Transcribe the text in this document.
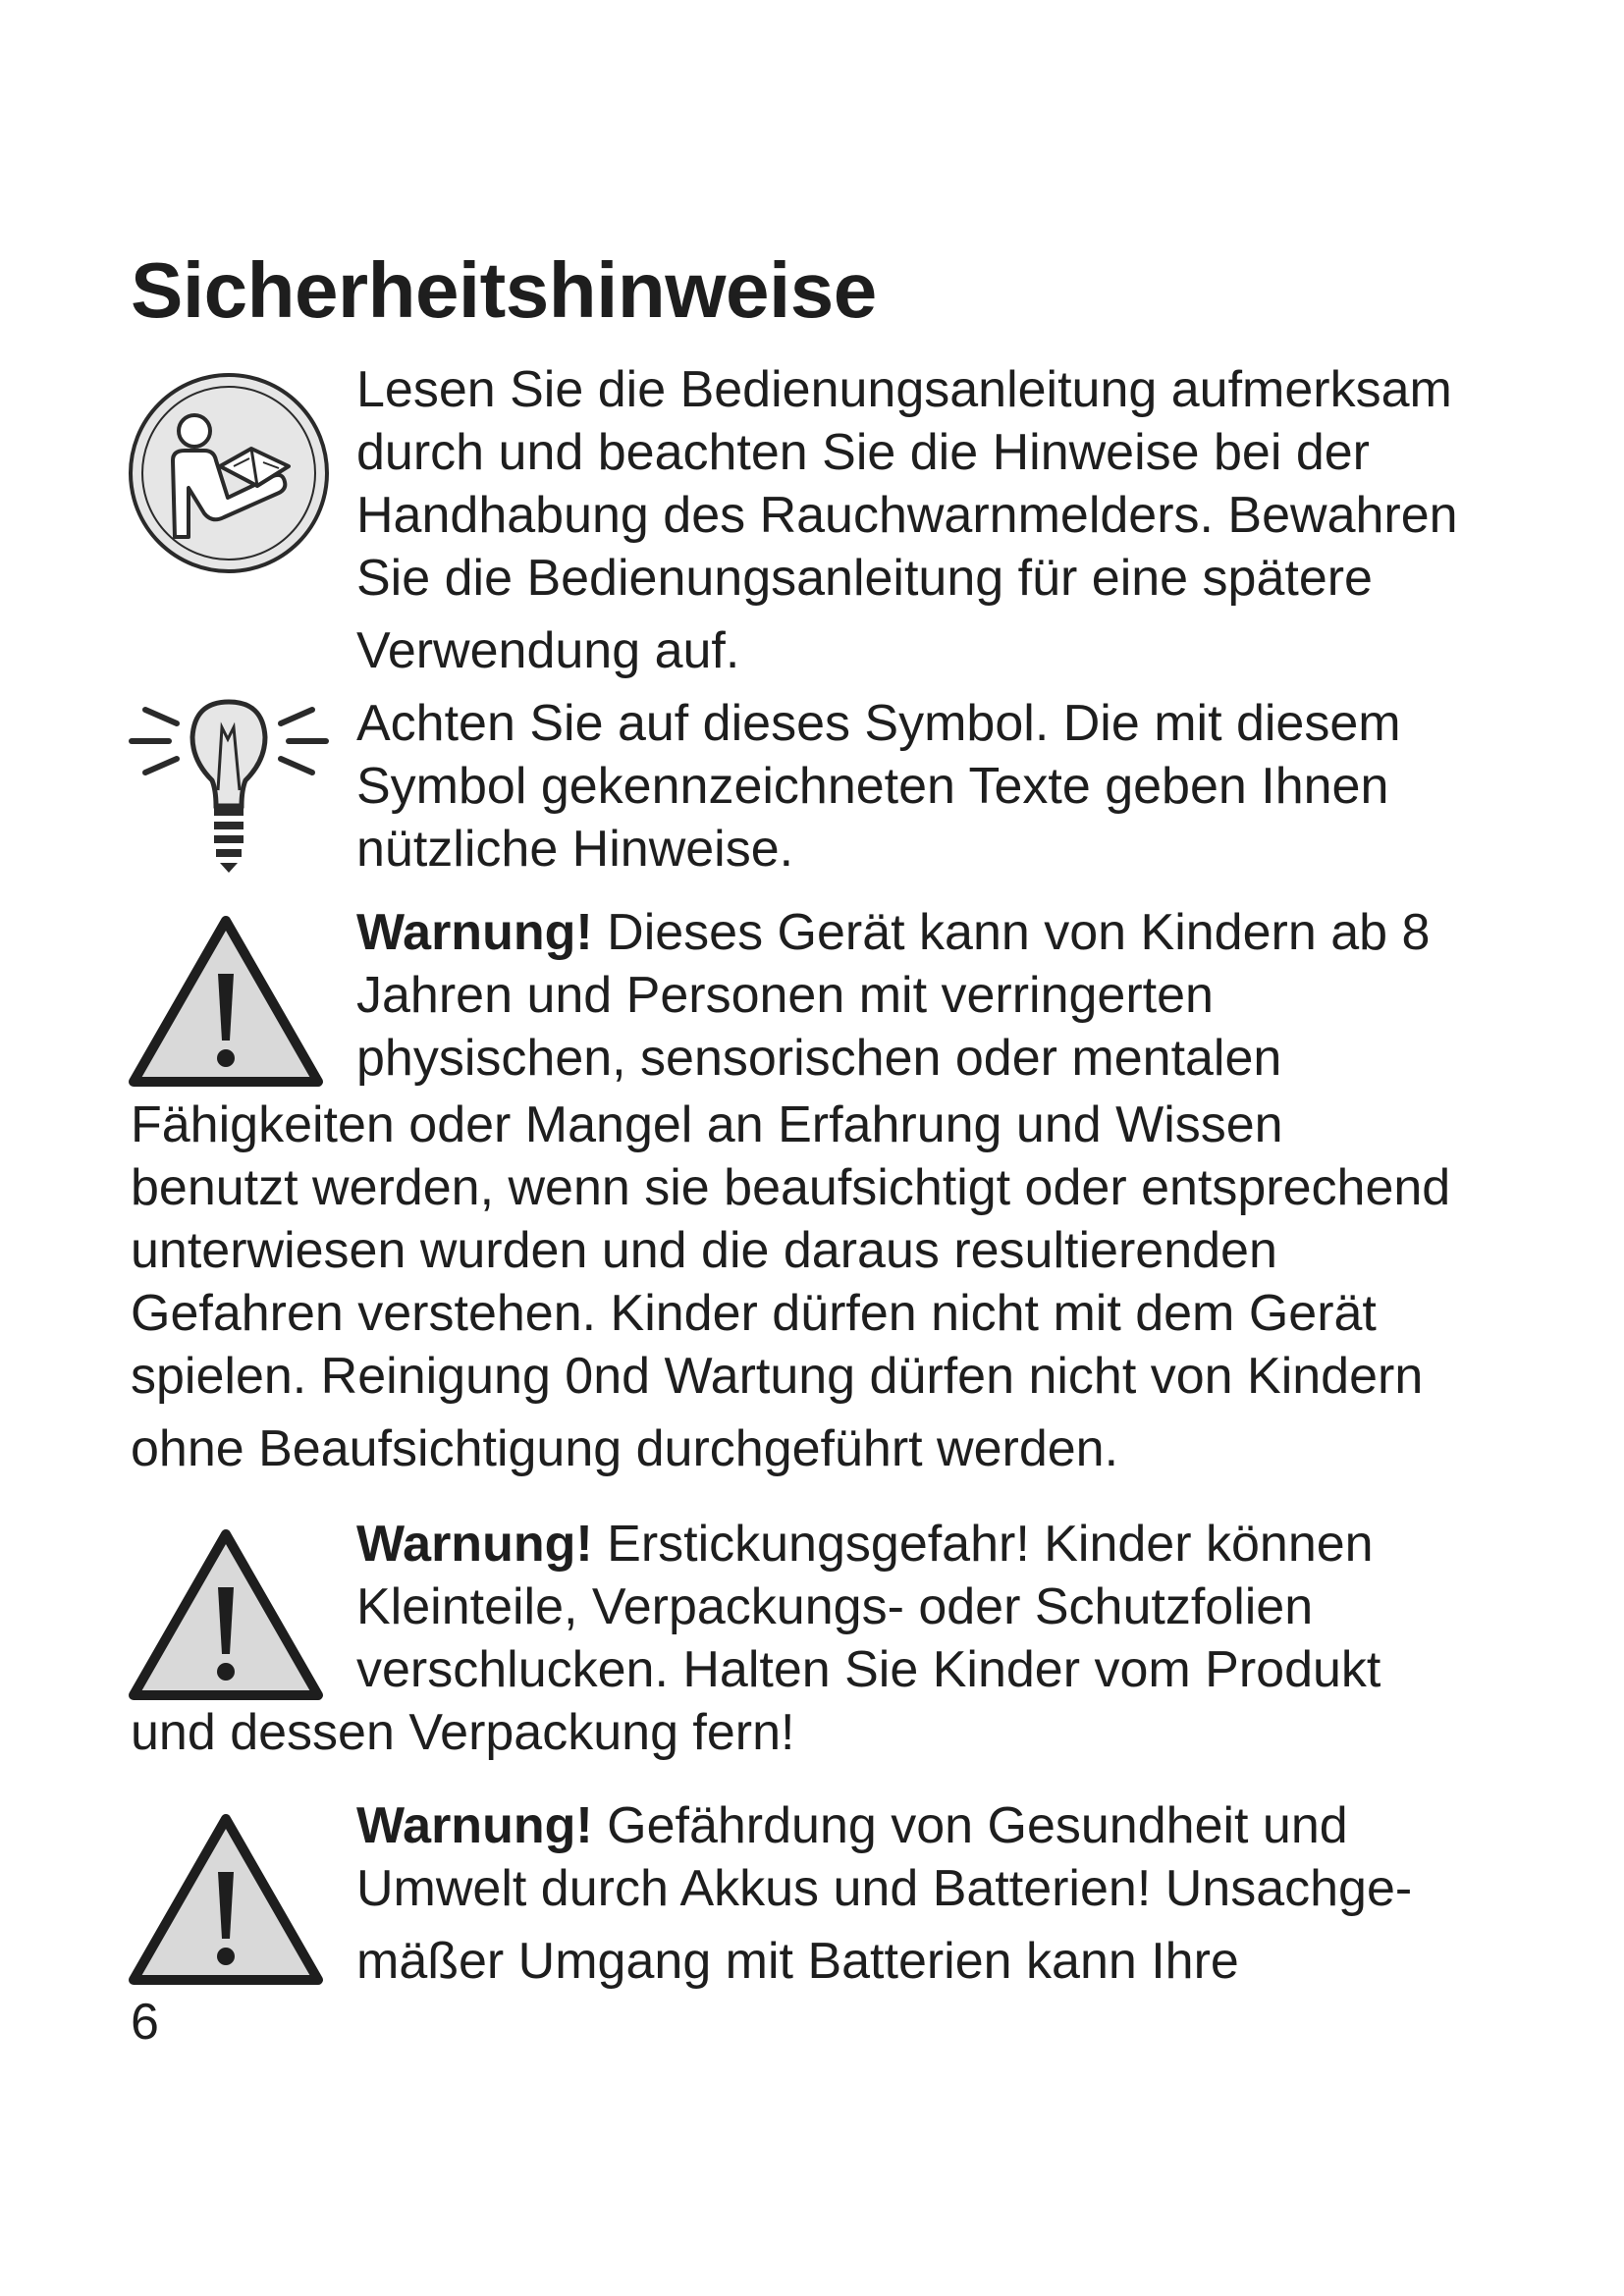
Sicherheitshinweise
Lesen Sie die Bedienungsanleitung aufmerksam
durch und beachten Sie die Hinweise bei der
Handhabung des Rauchwarnmelders. Bewahren
Sie die Bedienungsanleitung für eine spätere
Verwendung auf.
Achten Sie auf dieses Symbol. Die mit diesem
Symbol gekennzeichneten Texte geben Ihnen
nützliche Hinweise.
Warnung! Dieses Gerät kann von Kindern ab 8
Jahren und Personen mit verringerten
physischen, sensorischen oder mentalen
Fähigkeiten oder Mangel an Erfahrung und Wissen
benutzt werden, wenn sie beaufsichtigt oder entsprechend
unterwiesen wurden und die daraus resultierenden
Gefahren verstehen. Kinder dürfen nicht mit dem Gerät
spielen. Reinigung 0nd Wartung dürfen nicht von Kindern
ohne Beaufsichtigung durchgeführt werden.
Warnung! Erstickungsgefahr! Kinder können
Kleinteile, Verpackungs- oder Schutzfolien
verschlucken. Halten Sie Kinder vom Produkt
und dessen Verpackung fern!
Warnung! Gefährdung von Gesundheit und
Umwelt durch Akkus und Batterien! Unsachge-
mäßer Umgang mit Batterien kann Ihre

6
